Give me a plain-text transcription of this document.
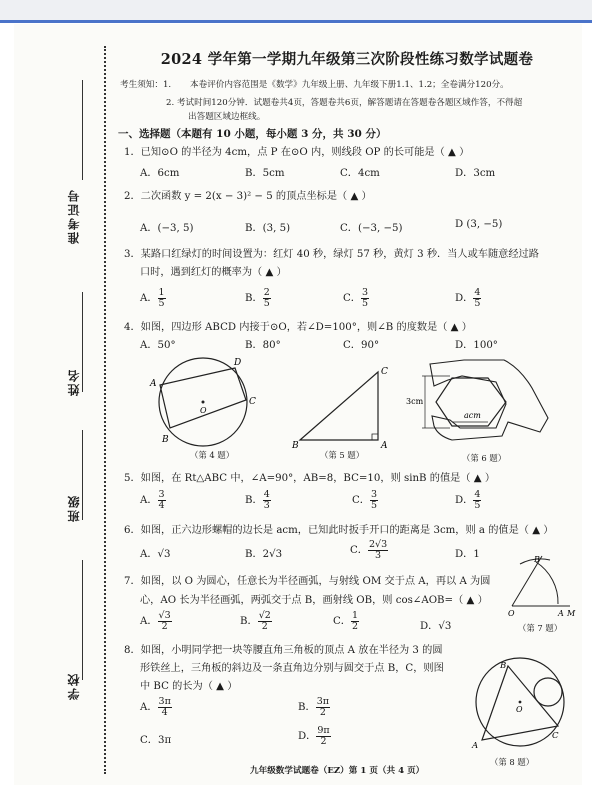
准考证号
姓名
班级
学校
2024 学年第一学期九年级第三次阶段性练习数学试题卷
考生须知：1. 本卷评价内容范围是《数学》九年级上册、九年级下册1.1、1.2；全卷满分120分。
2. 考试时间120分钟．试题卷共4页，答题卷共6页，解答题请在答题卷各题区域作答，不得超
出答题区域边框线。
一、选择题（本题有 10 小题，每小题 3 分，共 30 分）
1．已知⊙O 的半径为 4cm，点 P 在⊙O 内，则线段 OP 的长可能是（ ▲ ）
A．6cm	B．5cm	C．4cm	D．3cm
2．二次函数 y = 2(x − 3)² − 5 的顶点坐标是（ ▲ ）
A．(−3, 5)	B．(3, 5)	C．(−3, −5)	D (3, −5)
3．某路口红绿灯的时间设置为：红灯 40 秒，绿灯 57 秒，黄灯 3 秒．当人或车随意经过路
口时，遇到红灯的概率为（ ▲ ）
A． $\frac{1}{5}$	B． $\frac{2}{5}$	C． $\frac{3}{5}$	D． $\frac{4}{5}$
4．如图，四边形 ABCD 内接于⊙O，若∠D=100°，则∠B 的度数是（ ▲ ）
A．50°	B．80°	C．90°	D．100°
A
B
C
D
O
（第 4 题）
B
C
A
（第 5 题）
3cm
acm
（第 6 题）
5．如图，在 Rt△ABC 中，∠A=90°，AB=8，BC=10，则 sinB 的值是（ ▲ ）
A． $\frac{3}{4}$	B． $\frac{4}{3}$	C． $\frac{3}{5}$	D． $\frac{4}{5}$
6．如图，正六边形螺帽的边长是 acm，已知此时扳手开口的距离是 3cm，则 a 的值是（ ▲ ）
A．√3	B．2√3	C． $\frac{2√3}{3}$	D．1
7．如图，以 O 为圆心，任意长为半径画弧，与射线 OM 交于点 A，再以 A 为圆
心，AO 长为半径画弧，两弧交于点 B，画射线 OB，则 cos∠AOB=（ ▲ ）
A． $\frac{√3}{2}$	B． $\frac{√2}{2}$	C． $\frac{1}{2}$	D．√3
B
O	A M
（第 7 题）
8．如图，小明同学把一块等腰直角三角板的顶点 A 放在半径为 3 的圆
形铁丝上，三角板的斜边及一条直角边分别与圆交于点 B，C，则图
中 BC 的长为（ ▲ ）
A． $\frac{3\pi}{4}$	B． $\frac{3\pi}{2}$
C．3π	D． $\frac{9\pi}{2}$
B
C
A
O
（第 8 题）
九年级数学试题卷（EZ）第 1 页（共 4 页）
